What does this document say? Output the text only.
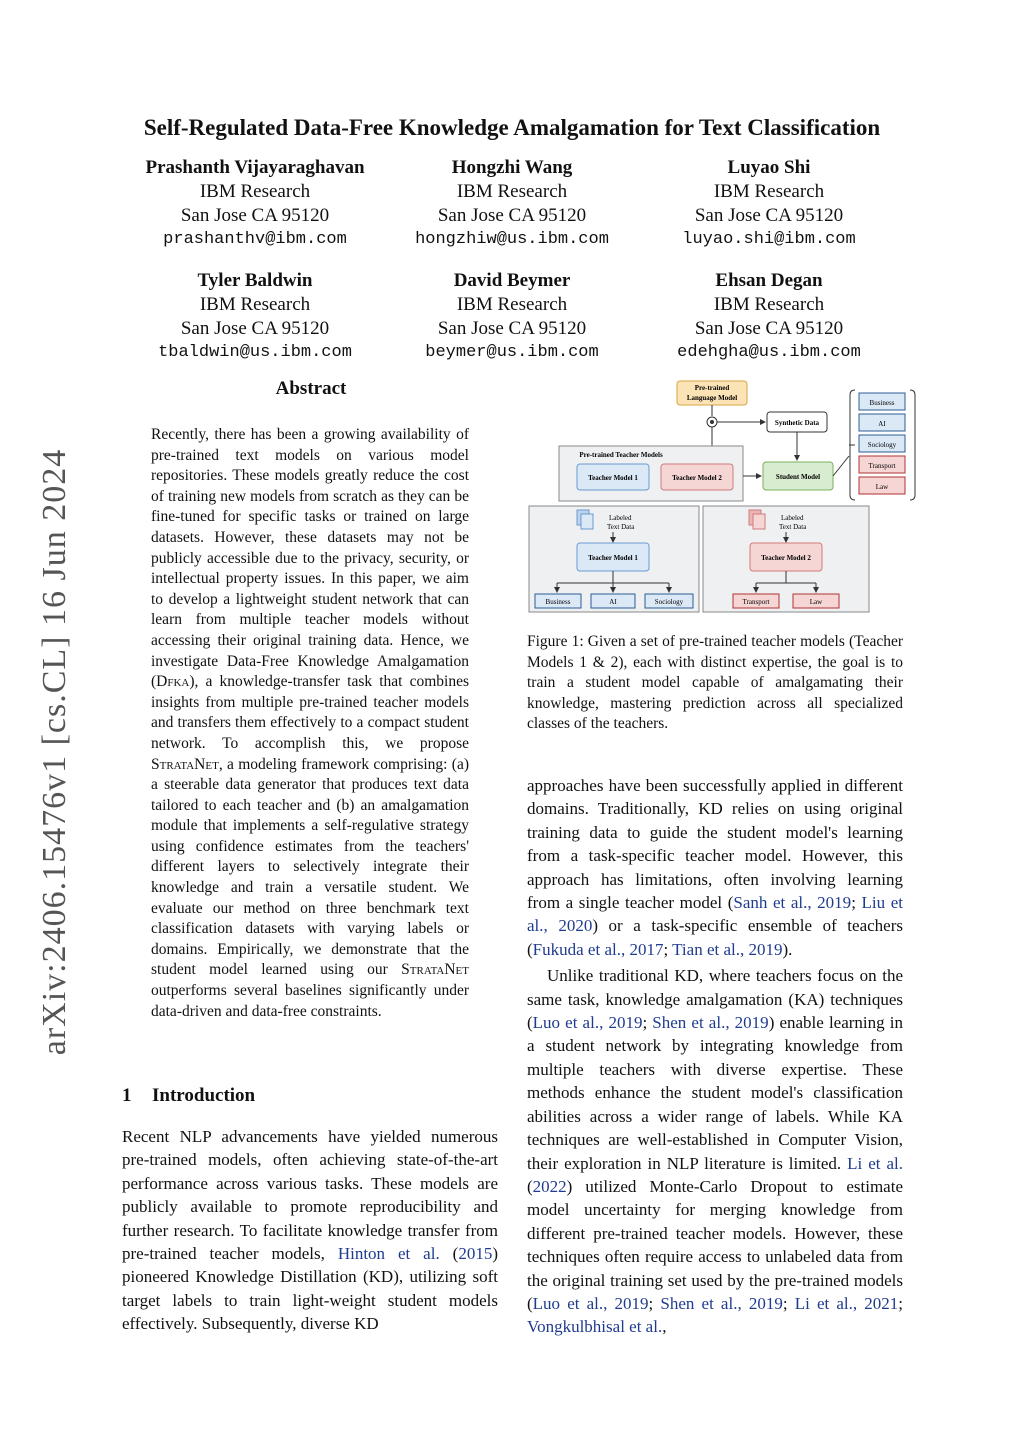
Self-Regulated Data-Free Knowledge Amalgamation for Text Classification
Prashanth Vijayaraghavan
IBM Research
San Jose CA 95120
prashanthv@ibm.com
Hongzhi Wang
IBM Research
San Jose CA 95120
hongzhiw@us.ibm.com
Luyao Shi
IBM Research
San Jose CA 95120
luyao.shi@ibm.com
Tyler Baldwin
IBM Research
San Jose CA 95120
tbaldwin@us.ibm.com
David Beymer
IBM Research
San Jose CA 95120
beymer@us.ibm.com
Ehsan Degan
IBM Research
San Jose CA 95120
edehgha@us.ibm.com
arXiv:2406.15476v1 [cs.CL] 16 Jun 2024
Abstract

Recently, there has been a growing availability of pre-trained text models on various model repositories. These models greatly reduce the cost of training new models from scratch as they can be fine-tuned for specific tasks or trained on large datasets. However, these datasets may not be publicly accessible due to the privacy, security, or intellectual property issues. In this paper, we aim to develop a lightweight student network that can learn from multiple teacher models without accessing their original training data. Hence, we investigate Data-Free Knowledge Amalgamation (Dfka), a knowledge-transfer task that combines insights from multiple pre-trained teacher models and transfers them effectively to a compact student network. To accomplish this, we propose StrataNet, a modeling framework comprising: (a) a steerable data generator that produces text data tailored to each teacher and (b) an amalgamation module that implements a self-regulative strategy using confidence estimates from the teachers' different layers to selectively integrate their knowledge and train a versatile student. We evaluate our method on three benchmark text classification datasets with varying labels or domains. Empirically, we demonstrate that the student model learned using our StrataNet outperforms several baselines significantly under data-driven and data-free constraints.

1 Introduction

Recent NLP advancements have yielded numerous pre-trained models, often achieving state-of-the-art performance across various tasks. These models are publicly available to promote reproducibility and further research. To facilitate knowledge transfer from pre-trained teacher models, Hinton et al. (2015) pioneered Knowledge Distillation (KD), utilizing soft target labels to train light-weight student models effectively. Subsequently, diverse KD

Pre-trained
Language Model
Synthetic Data
Pre-trained Teacher Models
Teacher Model 1	Teacher Model 2	Student Model
Business
AI
Sociology
Transport
Law
Labeled
Text Data
Teacher Model 1
Business	AI	Sociology
Labeled
Text Data
Teacher Model 2
Transport	Law

Figure 1: Given a set of pre-trained teacher models (Teacher Models 1 & 2), each with distinct expertise, the goal is to train a student model capable of amalgamating their knowledge, mastering prediction across all specialized classes of the teachers.

approaches have been successfully applied in different domains. Traditionally, KD relies on using original training data to guide the student model's learning from a task-specific teacher model. However, this approach has limitations, often involving learning from a single teacher model (Sanh et al., 2019; Liu et al., 2020) or a task-specific ensemble of teachers (Fukuda et al., 2017; Tian et al., 2019).

Unlike traditional KD, where teachers focus on the same task, knowledge amalgamation (KA) techniques (Luo et al., 2019; Shen et al., 2019) enable learning in a student network by integrating knowledge from multiple teachers with diverse expertise. These methods enhance the student model's classification abilities across a wider range of labels. While KA techniques are well-established in Computer Vision, their exploration in NLP literature is limited. Li et al. (2022) utilized Monte-Carlo Dropout to estimate model uncertainty for merging knowledge from different pre-trained teacher models. However, these techniques often require access to unlabeled data from the original training set used by the pre-trained models (Luo et al., 2019; Shen et al., 2019; Li et al., 2021; Vongkulbhisal et al.,
